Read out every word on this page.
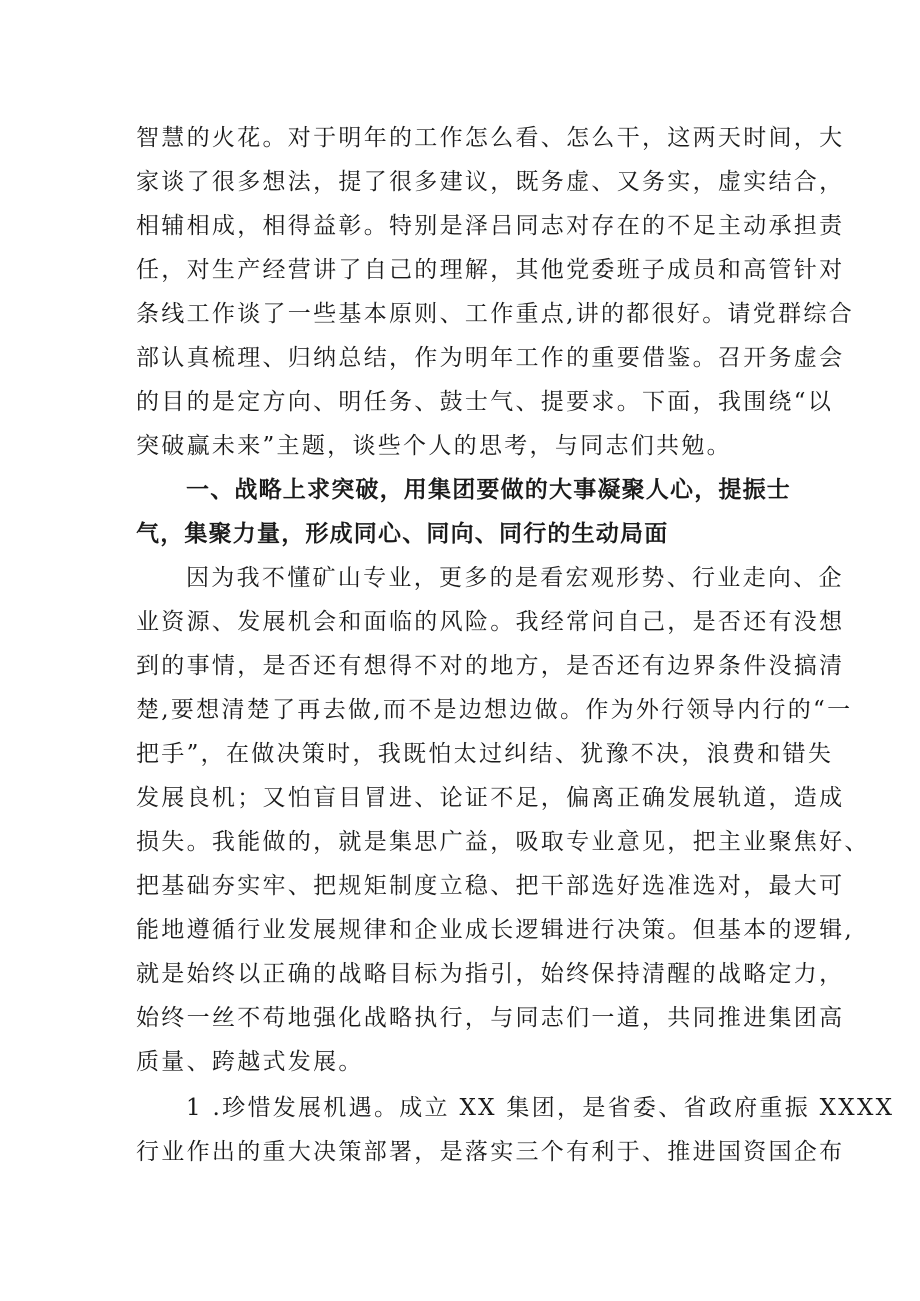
智慧的火花。对于明年的工作怎么看、怎么干，这两天时间，大
家谈了很多想法，提了很多建议，既务虚、又务实，虚实结合，
相辅相成，相得益彰。特别是泽吕同志对存在的不足主动承担责
任，对生产经营讲了自己的理解，其他党委班子成员和高管针对
条线工作谈了一些基本原则、工作重点,讲的都很好。请党群综合
部认真梳理、归纳总结，作为明年工作的重要借鉴。召开务虚会
的目的是定方向、明任务、鼓士气、提要求。下面，我围绕“以
突破赢未来”主题，谈些个人的思考，与同志们共勉。
一、战略上求突破，用集团要做的大事凝聚人心，提振士
气，集聚力量，形成同心、同向、同行的生动局面
因为我不懂矿山专业，更多的是看宏观形势、行业走向、企
业资源、发展机会和面临的风险。我经常问自己，是否还有没想
到的事情，是否还有想得不对的地方，是否还有边界条件没搞清
楚,要想清楚了再去做,而不是边想边做。作为外行领导内行的“一
把手”，在做决策时，我既怕太过纠结、犹豫不决，浪费和错失
发展良机；又怕盲目冒进、论证不足，偏离正确发展轨道，造成
损失。我能做的，就是集思广益，吸取专业意见，把主业聚焦好、
把基础夯实牢、把规矩制度立稳、把干部选好选准选对，最大可
能地遵循行业发展规律和企业成长逻辑进行决策。但基本的逻辑,
就是始终以正确的战略目标为指引，始终保持清醒的战略定力，
始终一丝不苟地强化战略执行，与同志们一道，共同推进集团高
质量、跨越式发展。
1 .珍惜发展机遇。成立 XX 集团，是省委、省政府重振 XXXX
行业作出的重大决策部署，是落实三个有利于、推进国资国企布
